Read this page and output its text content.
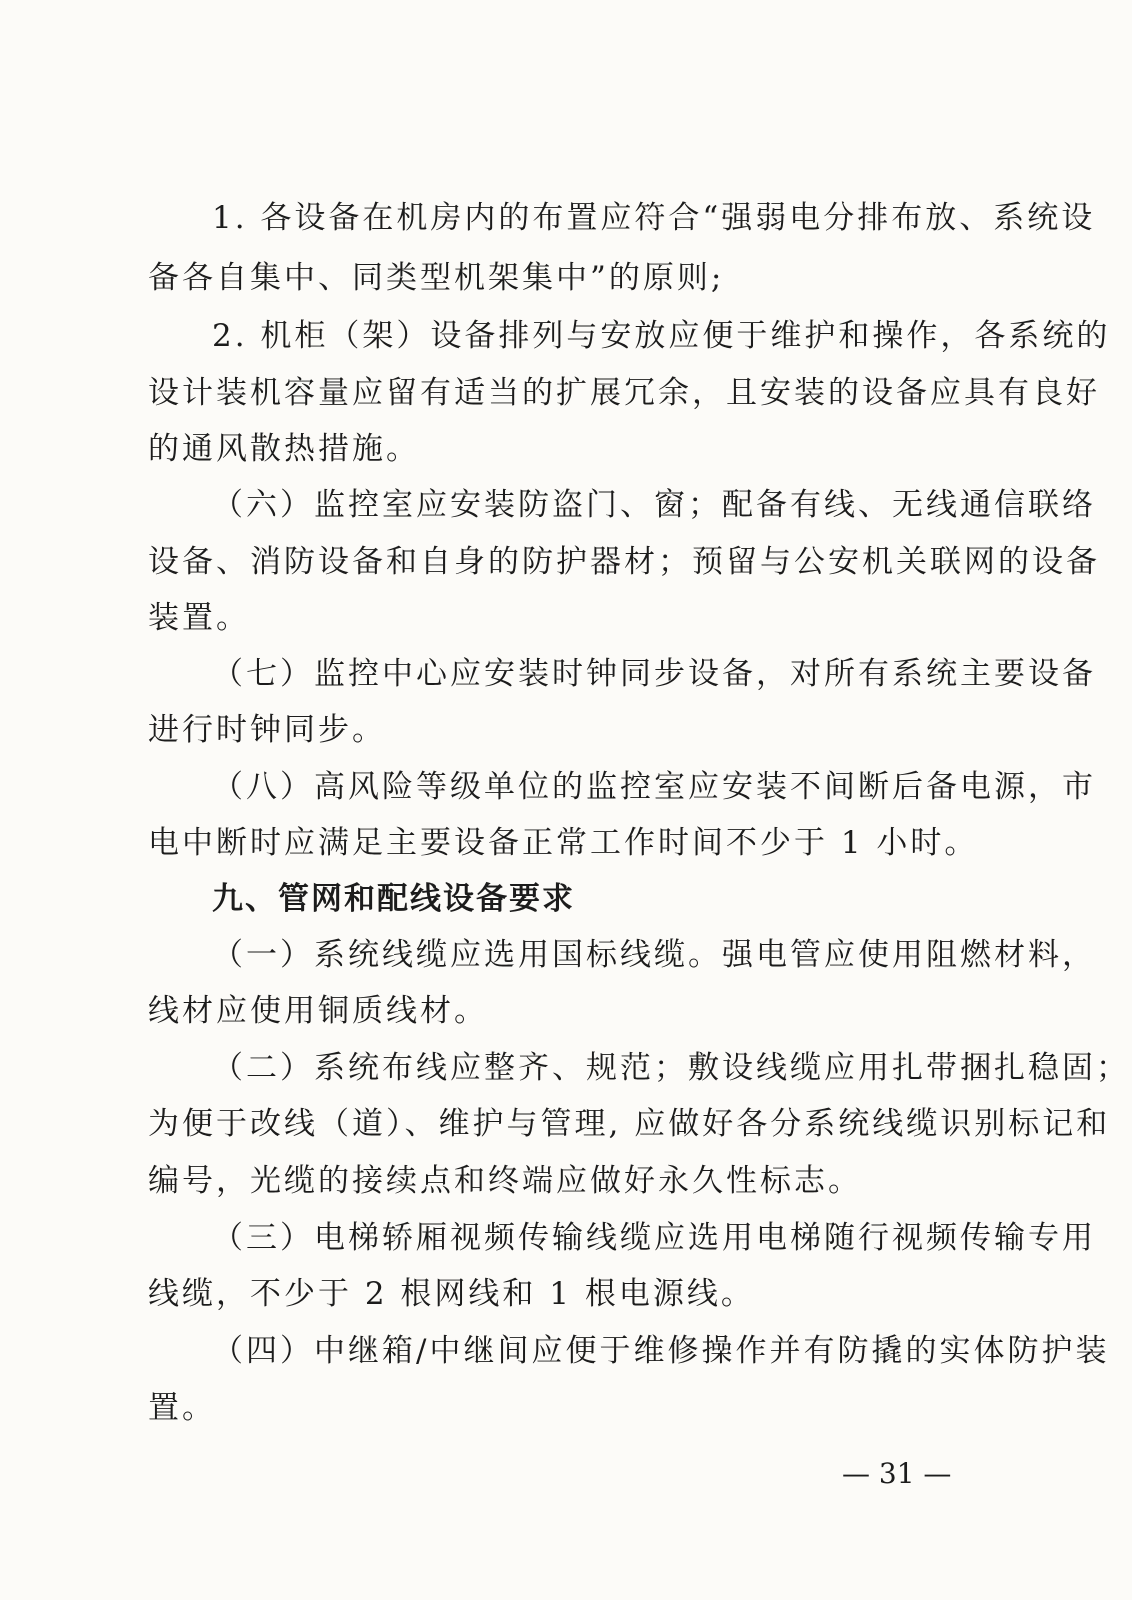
1. 各设备在机房内的布置应符合“强弱电分排布放、系统设
备各自集中、同类型机架集中”的原则;
2. 机柜（架）设备排列与安放应便于维护和操作，各系统的
设计装机容量应留有适当的扩展冗余，且安装的设备应具有良好
的通风散热措施。
（六）监控室应安装防盗门、窗；配备有线、无线通信联络
设备、消防设备和自身的防护器材；预留与公安机关联网的设备
装置。
（七）监控中心应安装时钟同步设备，对所有系统主要设备
进行时钟同步。
（八）高风险等级单位的监控室应安装不间断后备电源，市
电中断时应满足主要设备正常工作时间不少于 1 小时。
九、管网和配线设备要求
（一）系统线缆应选用国标线缆。强电管应使用阻燃材料，
线材应使用铜质线材。
（二）系统布线应整齐、规范；敷设线缆应用扎带捆扎稳固；
为便于改线（道）、维护与管理, 应做好各分系统线缆识别标记和
编号，光缆的接续点和终端应做好永久性标志。
（三）电梯轿厢视频传输线缆应选用电梯随行视频传输专用
线缆，不少于 2 根网线和 1 根电源线。
（四）中继箱/中继间应便于维修操作并有防撬的实体防护装
置。
— 31 —
